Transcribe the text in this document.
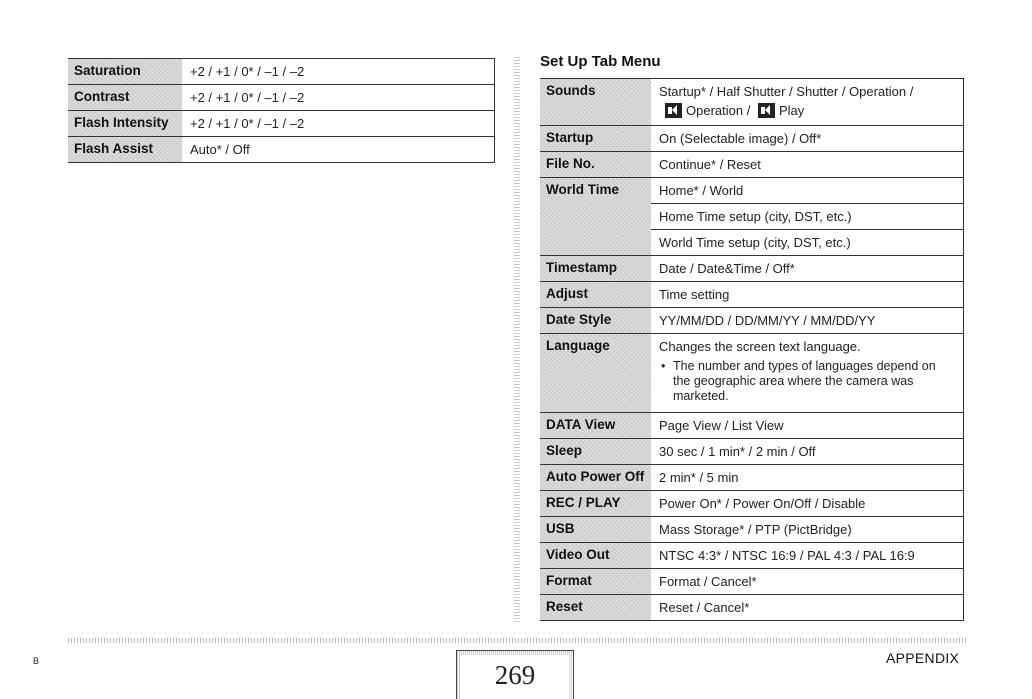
Saturation	+2 / +1 / 0* / –1 / –2

Contrast	+2 / +1 / 0* / –1 / –2

Flash Intensity	+2 / +1 / 0* / –1 / –2

Flash Assist	Auto* / Off
Set Up Tab Menu
Sounds	Startup* / Half Shutter / Shutter / Operation /
Operation / Play

Startup	On (Selectable image) / Off*

File No.	Continue* / Reset

World Time	Home* / World

	Home Time setup (city, DST, etc.)

	World Time setup (city, DST, etc.)

Timestamp	Date / Date&Time / Off*

Adjust	Time setting

Date Style	YY/MM/DD / DD/MM/YY / MM/DD/YY

Language	Changes the screen text language.
• The number and types of languages depend on the geographic area where the camera was marketed.

DATA View	Page View / List View

Sleep	30 sec / 1 min* / 2 min / Off

Auto Power Off	2 min* / 5 min

REC / PLAY	Power On* / Power On/Off / Disable

USB	Mass Storage* / PTP (PictBridge)

Video Out	NTSC 4:3* / NTSC 16:9 / PAL 4:3 / PAL 16:9

Format	Format / Cancel*

Reset	Reset / Cancel*
B	269
APPENDIX
